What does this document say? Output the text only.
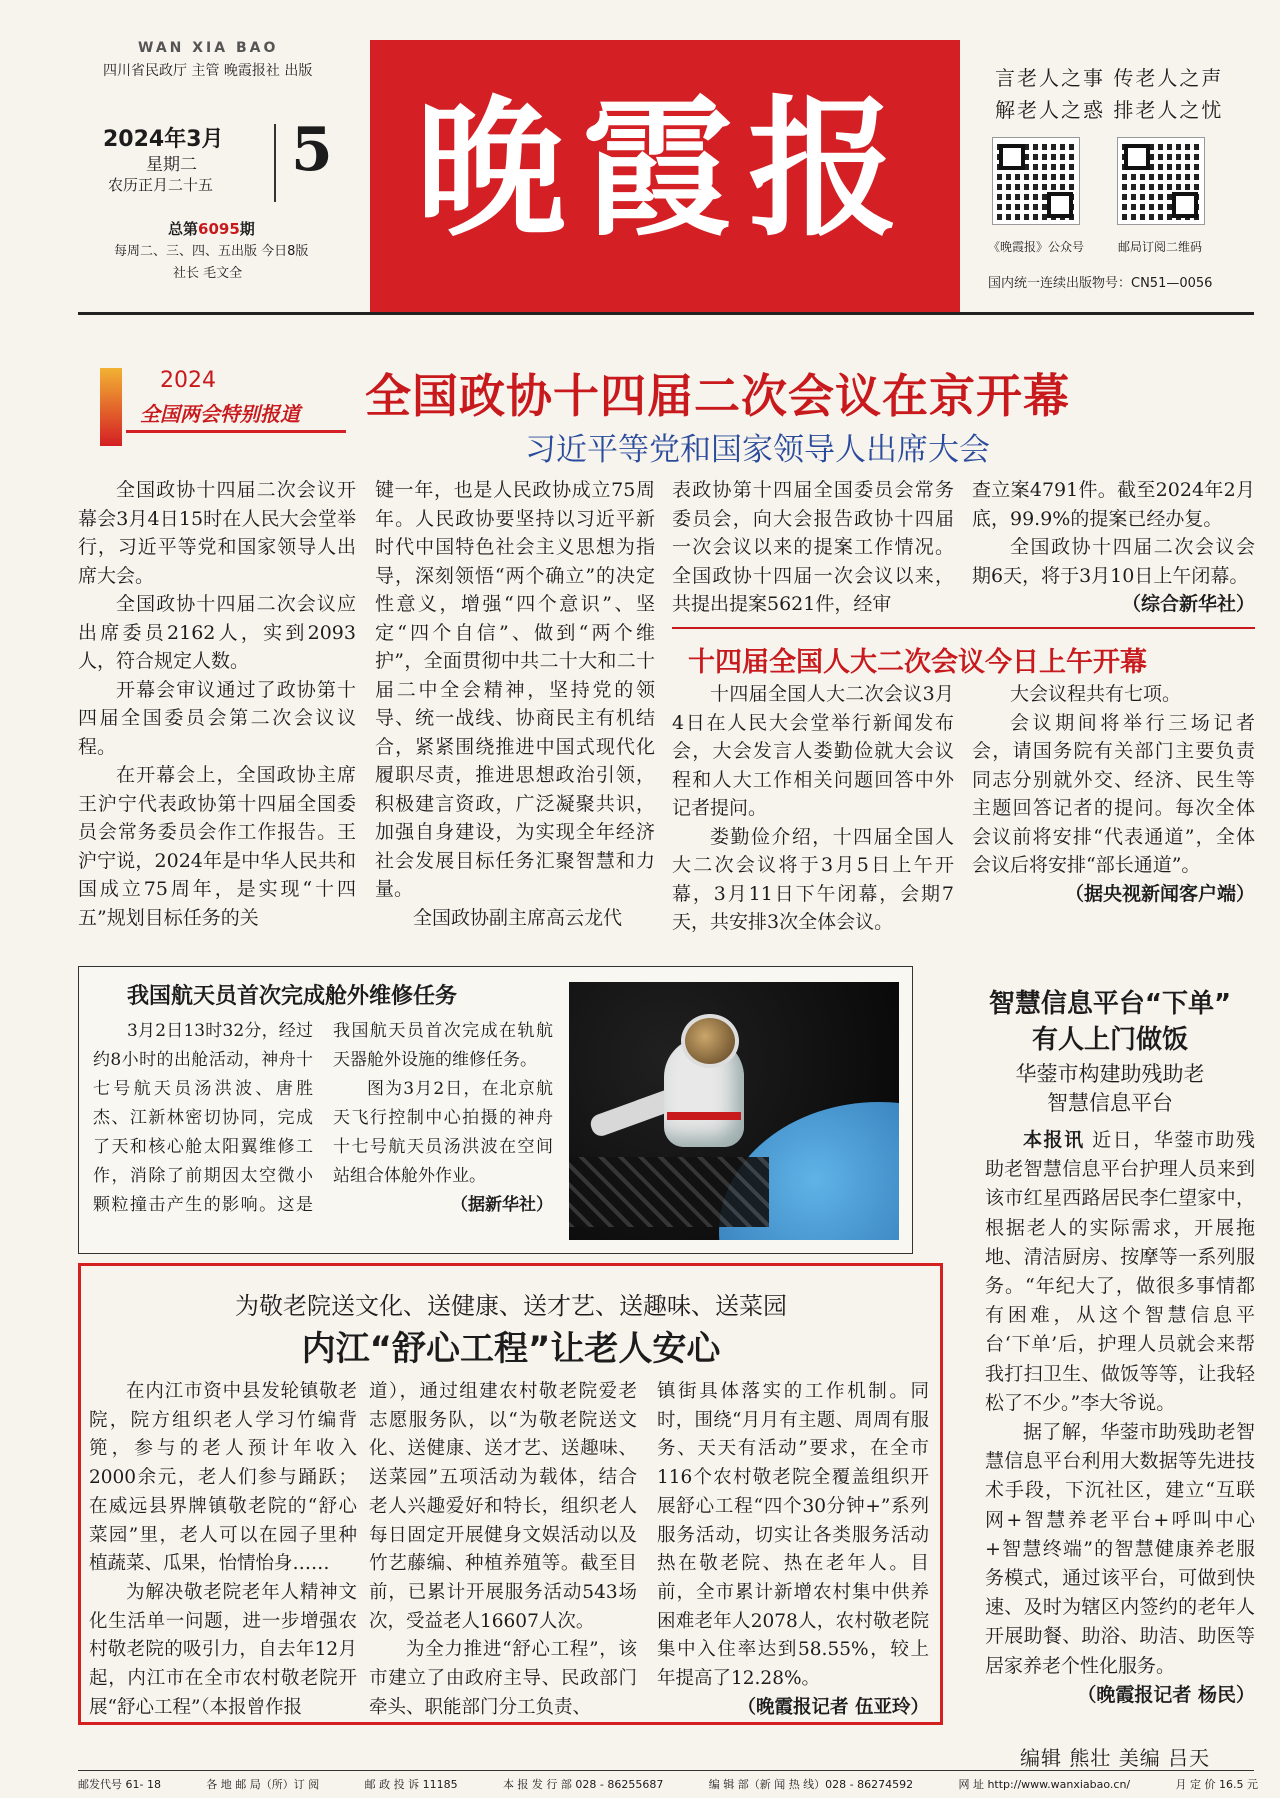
WAN XIA BAO
四川省民政厅 主管 晚霞报社 出版
2024年3月
星期二
农历正月二十五 5
总第6095期
每周二、三、四、五出版 今日8版
社长 毛文全
晚霞报
言老人之事 传老人之声
解老人之惑 排老人之忧
《晚霞报》公众号	邮局订阅二维码
国内统一连续出版物号：CN51—0056
2024
全国两会特别报道 全国政协十四届二次会议在京开幕
习近平等党和国家领导人出席大会

全国政协十四届二次会议开幕会3月4日15时在人民大会堂举行，习近平等党和国家领导人出席大会。

全国政协十四届二次会议应出席委员2162人，实到2093人，符合规定人数。

开幕会审议通过了政协第十四届全国委员会第二次会议议程。

在开幕会上，全国政协主席王沪宁代表政协第十四届全国委员会常务委员会作工作报告。王沪宁说，2024年是中华人民共和国成立75周年，是实现“十四五”规划目标任务的关

键一年，也是人民政协成立75周年。人民政协要坚持以习近平新时代中国特色社会主义思想为指导，深刻领悟“两个确立”的决定性意义，增强“四个意识”、坚定“四个自信”、做到“两个维护”，全面贯彻中共二十大和二十届二中全会精神，坚持党的领导、统一战线、协商民主有机结合，紧紧围绕推进中国式现代化履职尽责，推进思想政治引领，积极建言资政，广泛凝聚共识，加强自身建设，为实现全年经济社会发展目标任务汇聚智慧和力量。

全国政协副主席高云龙代

表政协第十四届全国委员会常务委员会，向大会报告政协十四届一次会议以来的提案工作情况。全国政协十四届一次会议以来，共提出提案5621件，经审

查立案4791件。截至2024年2月底，99.9%的提案已经办复。

全国政协十四届二次会议会期6天，将于3月10日上午闭幕。

（综合新华社）
十四届全国人大二次会议今日上午开幕

十四届全国人大二次会议3月4日在人民大会堂举行新闻发布会，大会发言人娄勤俭就大会议程和人大工作相关问题回答中外记者提问。

娄勤俭介绍，十四届全国人大二次会议将于3月5日上午开幕，3月11日下午闭幕，会期7天，共安排3次全体会议。

大会议程共有七项。

会议期间将举行三场记者会，请国务院有关部门主要负责同志分别就外交、经济、民生等主题回答记者的提问。每次全体会议前将安排“代表通道”，全体会议后将安排“部长通道”。

（据央视新闻客户端）
我国航天员首次完成舱外维修任务

3月2日13时32分，经过约8小时的出舱活动，神舟十七号航天员汤洪波、唐胜杰、江新林密切协同，完成了天和核心舱太阳翼维修工作，消除了前期因太空微小颗粒撞击产生的影响。这是我国航天员首次完成在轨航天器舱外设施的维修任务。

图为3月2日，在北京航天飞行控制中心拍摄的神舟十七号航天员汤洪波在空间站组合体舱外作业。

（据新华社）
为敬老院送文化、送健康、送才艺、送趣味、送菜园
内江“舒心工程”让老人安心

在内江市资中县发轮镇敬老院，院方组织老人学习竹编背篼，参与的老人预计年收入2000余元，老人们参与踊跃；在威远县界牌镇敬老院的“舒心菜园”里，老人可以在园子里种植蔬菜、瓜果，怡情怡身……

为解决敬老院老年人精神文化生活单一问题，进一步增强农村敬老院的吸引力，自去年12月起，内江市在全市农村敬老院开展“舒心工程”（本报曾作报

道），通过组建农村敬老院爱老志愿服务队，以“为敬老院送文化、送健康、送才艺、送趣味、送菜园”五项活动为载体，结合老人兴趣爱好和特长，组织老人每日固定开展健身文娱活动以及竹艺藤编、种植养殖等。截至目前，已累计开展服务活动543场次，受益老人16607人次。

为全力推进“舒心工程”，该市建立了由政府主导、民政部门牵头、职能部门分工负责、

镇街具体落实的工作机制。同时，围绕“月月有主题、周周有服务、天天有活动”要求，在全市116个农村敬老院全覆盖组织开展舒心工程“四个30分钟+”系列服务活动，切实让各类服务活动热在敬老院、热在老年人。目前，全市累计新增农村集中供养困难老年人2078人，农村敬老院集中入住率达到58.55%，较上年提高了12.28%。

（晚霞报记者 伍亚玲）
智慧信息平台“下单”
有人上门做饭
华蓥市构建助残助老
智慧信息平台

本报讯 近日，华蓥市助残助老智慧信息平台护理人员来到该市红星西路居民李仁望家中，根据老人的实际需求，开展拖地、清洁厨房、按摩等一系列服务。“年纪大了，做很多事情都有困难，从这个智慧信息平台‘下单’后，护理人员就会来帮我打扫卫生、做饭等等，让我轻松了不少。”李大爷说。

据了解，华蓥市助残助老智慧信息平台利用大数据等先进技术手段，下沉社区，建立“互联网+智慧养老平台+呼叫中心+智慧终端”的智慧健康养老服务模式，通过该平台，可做到快速、及时为辖区内签约的老年人开展助餐、助浴、助洁、助医等居家养老个性化服务。

（晚霞报记者 杨民）
编辑 熊壮 美编 吕天
邮发代号 61- 18	各 地 邮 局（所）订 阅	邮 政 投 诉 11185	本 报 发 行 部 028 - 86255687	编 辑 部（新 闻 热 线）028 - 86274592	网 址 http://www.wanxiabao.cn/	月 定 价 16.5 元
